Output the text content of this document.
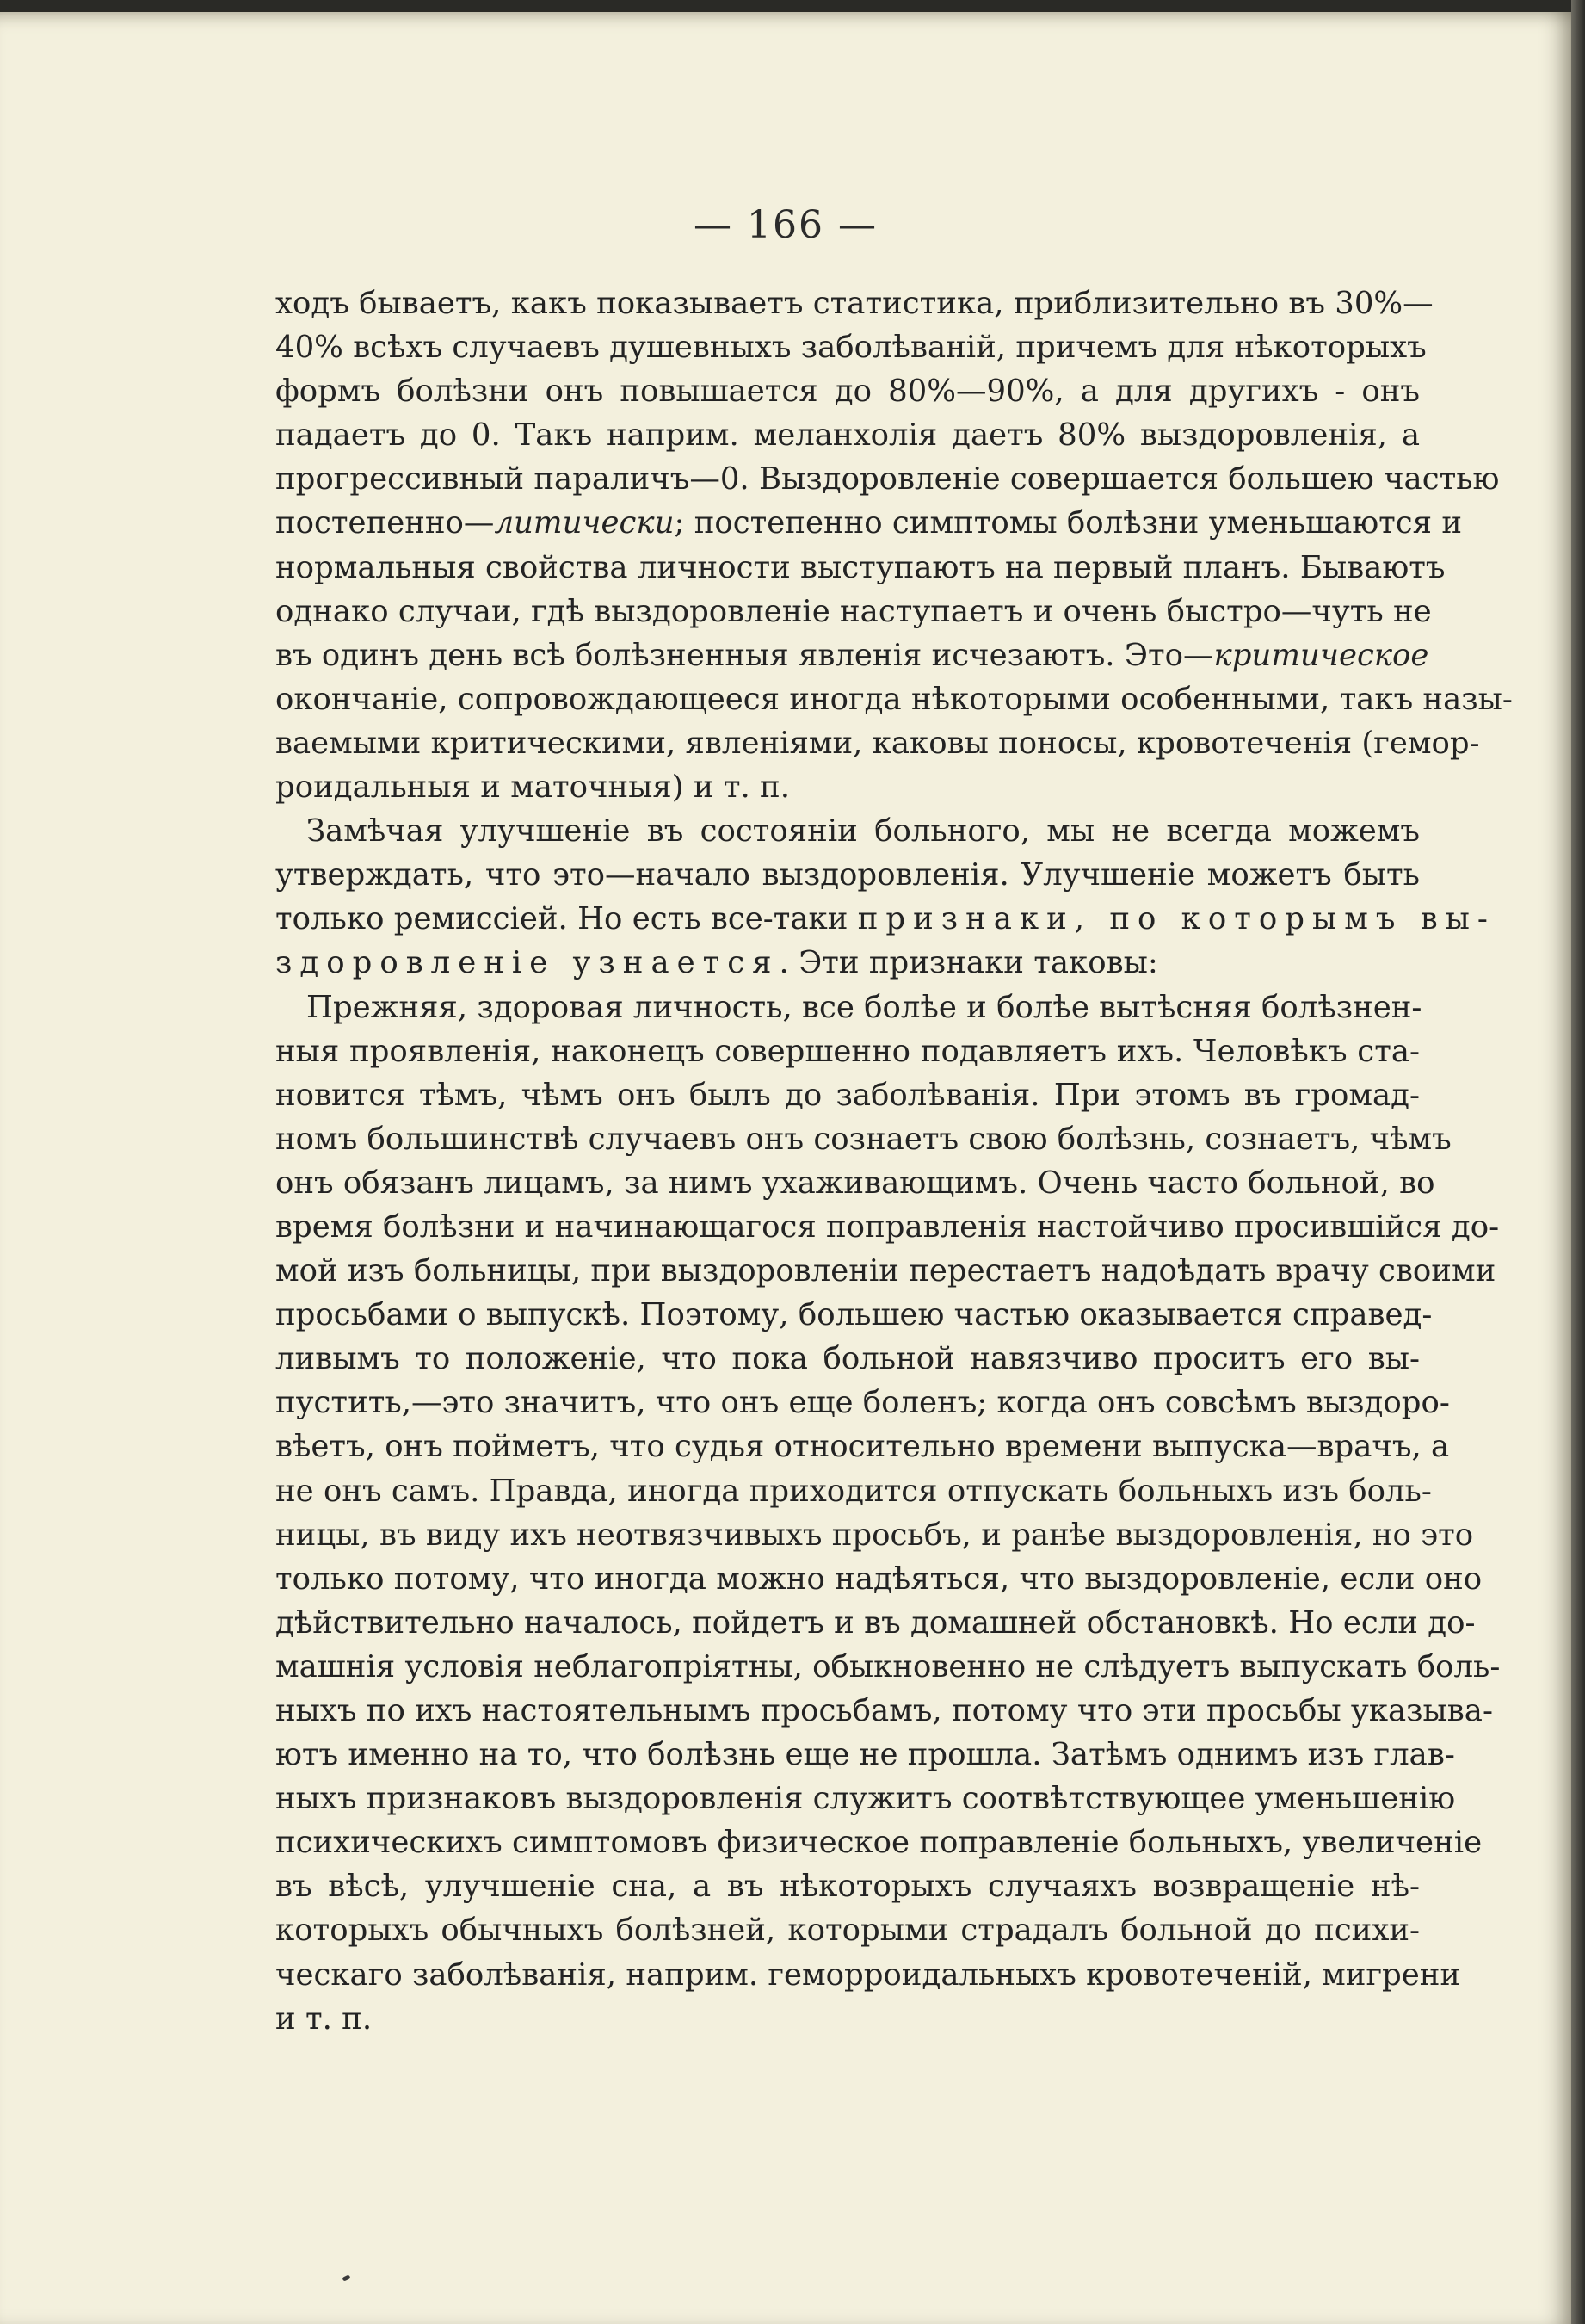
— 166 —

ходъ бываетъ, какъ показываетъ статистика, приблизительно въ 30%—
40% всѣхъ случаевъ душевныхъ заболѣваній, причемъ для нѣкоторыхъ
формъ болѣзни онъ повышается до 80%—90%, а для другихъ - онъ
падаетъ до 0. Такъ наприм. меланхолія даетъ 80% выздоровленія, а
прогрессивный параличъ—0. Выздоровленіе совершается большею частью
постепенно—литически; постепенно симптомы болѣзни уменьшаются и
нормальныя свойства личности выступаютъ на первый планъ. Бываютъ
однако случаи, гдѣ выздоровленіе наступаетъ и очень быстро—чуть не
въ одинъ день всѣ болѣзненныя явленія исчезаютъ. Это—критическое
окончаніе, сопровождающееся иногда нѣкоторыми особенными, такъ назы-
ваемыми критическими, явленіями, каковы поносы, кровотеченія (гемор-
роидальныя и маточныя) и т. п.

Замѣчая улучшеніе въ состояніи больного, мы не всегда можемъ
утверждать, что это—начало выздоровленія. Улучшеніе можетъ быть
только ремиссіей. Но есть все-таки признаки, по которымъ вы-
здоровленіе узнается. Эти признаки таковы:

Прежняя, здоровая личность, все болѣе и болѣе вытѣсняя болѣзнен-
ныя проявленія, наконецъ совершенно подавляетъ ихъ. Человѣкъ ста-
новится тѣмъ, чѣмъ онъ былъ до заболѣванія. При этомъ въ громад-
номъ большинствѣ случаевъ онъ сознаетъ свою болѣзнь, сознаетъ, чѣмъ
онъ обязанъ лицамъ, за нимъ ухаживающимъ. Очень часто больной, во
время болѣзни и начинающагося поправленія настойчиво просившійся до-
мой изъ больницы, при выздоровленіи перестаетъ надоѣдать врачу своими
просьбами о выпускѣ. Поэтому, большею частью оказывается справед-
ливымъ то положеніе, что пока больной навязчиво проситъ его вы-
пустить,—это значитъ, что онъ еще боленъ; когда онъ совсѣмъ выздоро-
вѣетъ, онъ пойметъ, что судья относительно времени выпуска—врачъ, а
не онъ самъ. Правда, иногда приходится отпускать больныхъ изъ боль-
ницы, въ виду ихъ неотвязчивыхъ просьбъ, и ранѣе выздоровленія, но это
только потому, что иногда можно надѣяться, что выздоровленіе, если оно
дѣйствительно началось, пойдетъ и въ домашней обстановкѣ. Но если до-
машнія условія неблагопріятны, обыкновенно не слѣдуетъ выпускать боль-
ныхъ по ихъ настоятельнымъ просьбамъ, потому что эти просьбы указыва-
ютъ именно на то, что болѣзнь еще не прошла. Затѣмъ однимъ изъ глав-
ныхъ признаковъ выздоровленія служитъ соотвѣтствующее уменьшенію
психическихъ симптомовъ физическое поправленіе больныхъ, увеличеніе
въ вѣсѣ, улучшеніе сна, а въ нѣкоторыхъ случаяхъ возвращеніе нѣ-
которыхъ обычныхъ болѣзней, которыми страдалъ больной до психи-
ческаго заболѣванія, наприм. геморроидальныхъ кровотеченій, мигрени
и т. п.
